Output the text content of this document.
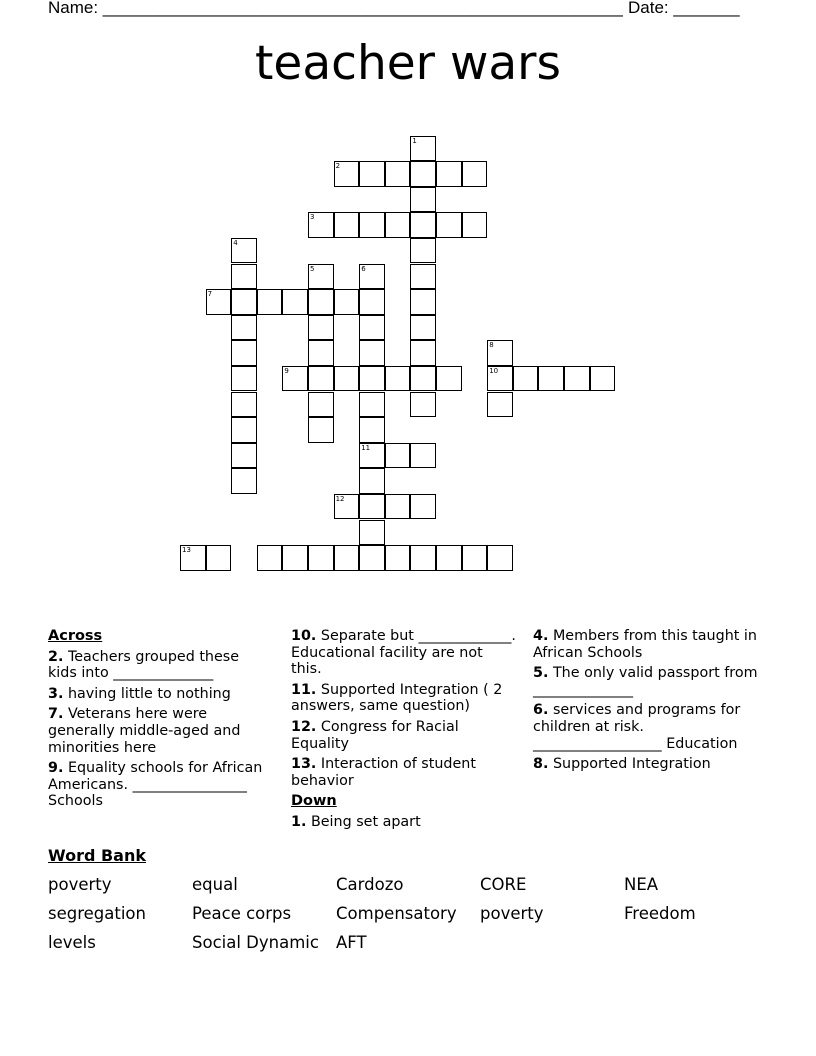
Name: _______________________________________________________ Date: _______
teacher wars
1
2
3
4
5	6
7
8
9	10
11
12
13
Across
2. Teachers grouped these kids into ______________
3. having little to nothing
7. Veterans here were generally middle-aged and minorities here
9. Equality schools for African Americans. ________________ Schools
10. Separate but _____________. Educational facility are not this.
11. Supported Integration ( 2 answers, same question)
12. Congress for Racial Equality
13. Interaction of student behavior
Down
1. Being set apart
4. Members from this taught in African Schools
5. The only valid passport from ______________
6. services and programs for children at risk. __________________ Education
8. Supported Integration
Word Bank
poverty	equal	Cardozo	CORE	NEA
segregation	Peace corps	Compensatory	poverty	Freedom
levels	Social Dynamic	AFT
